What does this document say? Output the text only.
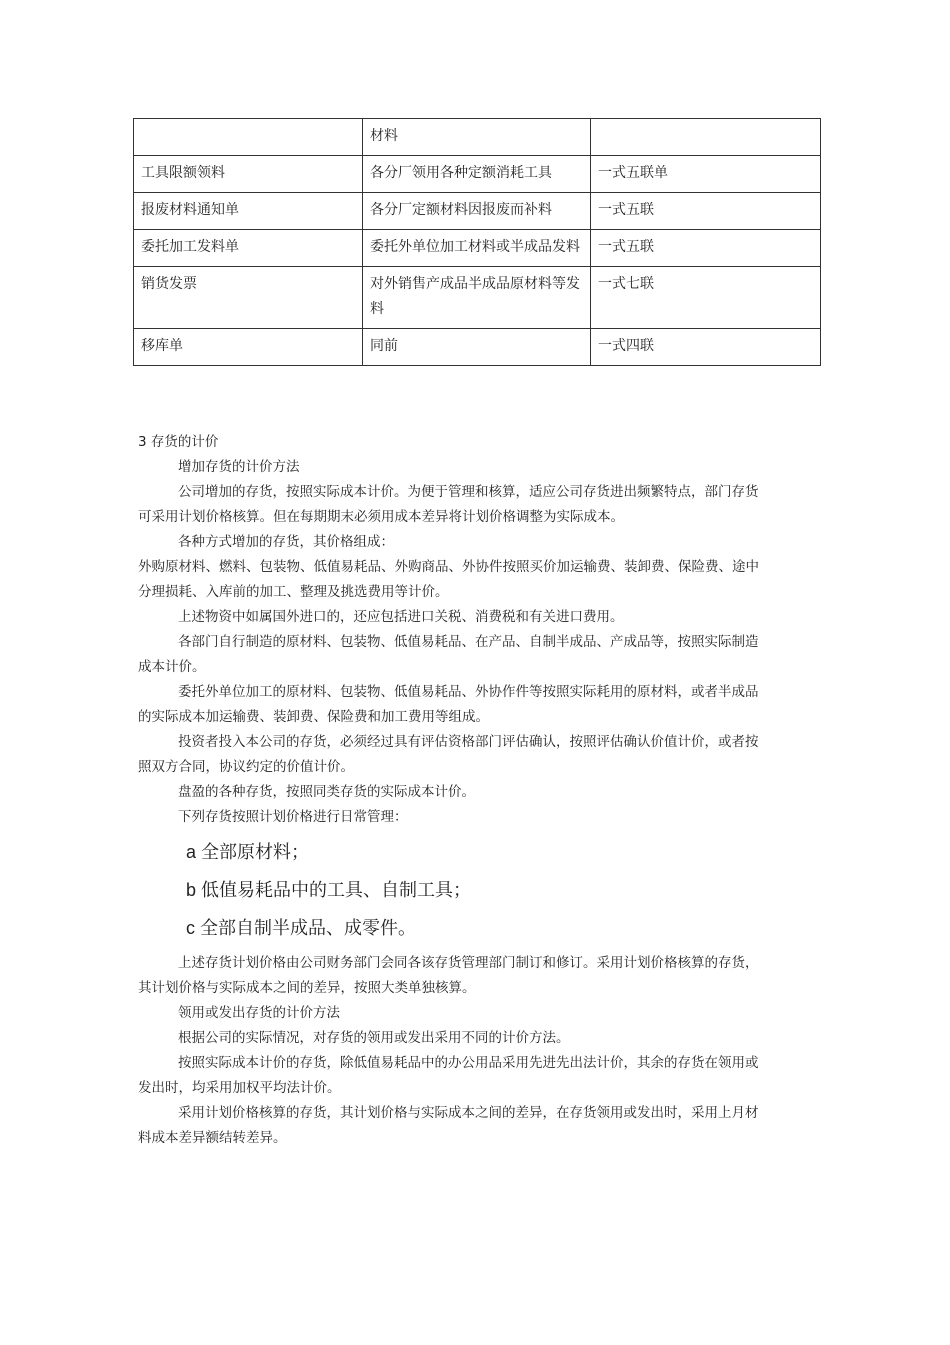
	材料	
工具限额领料	各分厂领用各种定额消耗工具	一式五联单
报废材料通知单	各分厂定额材料因报废而补料	一式五联
委托加工发料单	委托外单位加工材料或半成品发料	一式五联
销货发票	对外销售产成品半成品原材料等发料	一式七联
移库单	同前	一式四联

3 存货的计价

增加存货的计价方法

公司增加的存货，按照实际成本计价。为便于管理和核算，适应公司存货进出频繁特点，部门存货可采用计划价格核算。但在每期期末必须用成本差异将计划价格调整为实际成本。

各种方式增加的存货，其价格组成：

外购原材料、燃料、包装物、低值易耗品、外购商品、外协件按照买价加运输费、装卸费、保险费、途中分理损耗、入库前的加工、整理及挑选费用等计价。

上述物资中如属国外进口的，还应包括进口关税、消费税和有关进口费用。

各部门自行制造的原材料、包装物、低值易耗品、在产品、自制半成品、产成品等，按照实际制造成本计价。

委托外单位加工的原材料、包装物、低值易耗品、外协作件等按照实际耗用的原材料，或者半成品的实际成本加运输费、装卸费、保险费和加工费用等组成。

投资者投入本公司的存货，必须经过具有评估资格部门评估确认，按照评估确认价值计价，或者按照双方合同，协议约定的价值计价。

盘盈的各种存货，按照同类存货的实际成本计价。

下列存货按照计划价格进行日常管理：

a 全部原材料；

b 低值易耗品中的工具、自制工具；

c 全部自制半成品、成零件。

上述存货计划价格由公司财务部门会同各该存货管理部门制订和修订。采用计划价格核算的存货，其计划价格与实际成本之间的差异，按照大类单独核算。

领用或发出存货的计价方法

根据公司的实际情况，对存货的领用或发出采用不同的计价方法。

按照实际成本计价的存货，除低值易耗品中的办公用品采用先进先出法计价，其余的存货在领用或发出时，均采用加权平均法计价。

采用计划价格核算的存货，其计划价格与实际成本之间的差异，在存货领用或发出时，采用上月材料成本差异额结转差异。
